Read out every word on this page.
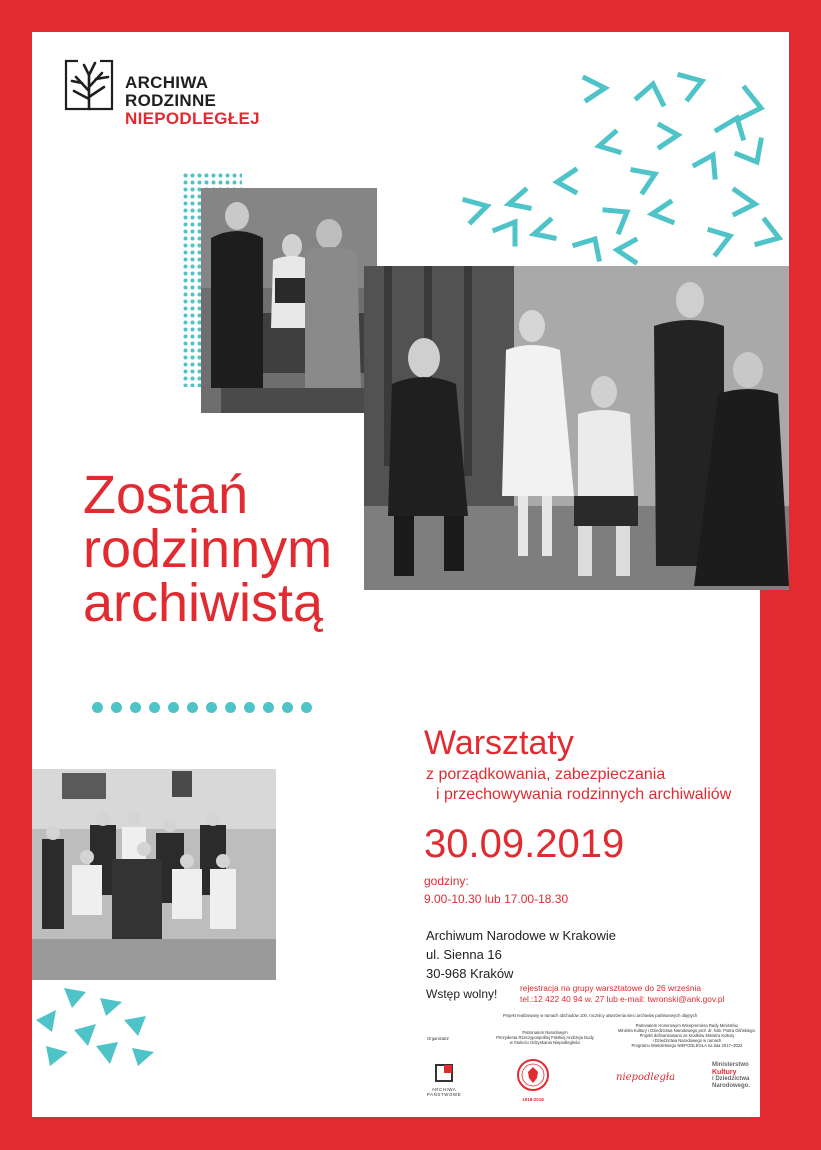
ARCHIWA
RODZINNE
NIEPODLEGŁEJ
Zostań
rodzinnym
archiwistą
Warsztaty
z porządkowania, zabezpieczania
i przechowywania rodzinnych archiwaliów
30.09.2019
godziny:
9.00-10.30 lub 17.00-18.30
Archiwum Narodowe w Krakowie
ul. Sienna 16
30-968 Kraków
Wstęp wolny!	rejestracja na grupy warsztatowe do 26 września
tel.:12 422 40 94 w. 27 lub e-mail: twronski@ank.gov.pl
Projekt realizowany w ramach obchodów 100. rocznicy utworzenia sieci archiwów państwowych objętych
Organizator
Patronatem Narodowym
Prezydenta Rzeczypospolitej Polskiej Andrzeja Dudy
w Stuleciu Odzyskania Niepodległości
Patronatem Honorowym Wicepremiera Rady Ministrów,
Ministra Kultury i Dziedzictwa Narodowego prof. dr. hab. Piotra Glińskiego.
Projekt dofinansowano ze środków Ministra Kultury
i Dziedzictwa Narodowego w ramach
Programu Wieloletniego NIEPODLEGŁA na lata 2017–2022
ARCHIWA
PAŃSTWOWE
1918-2018
niepodległa
Ministerstwo
Kultury
i Dziedzictwa
Narodowego.
